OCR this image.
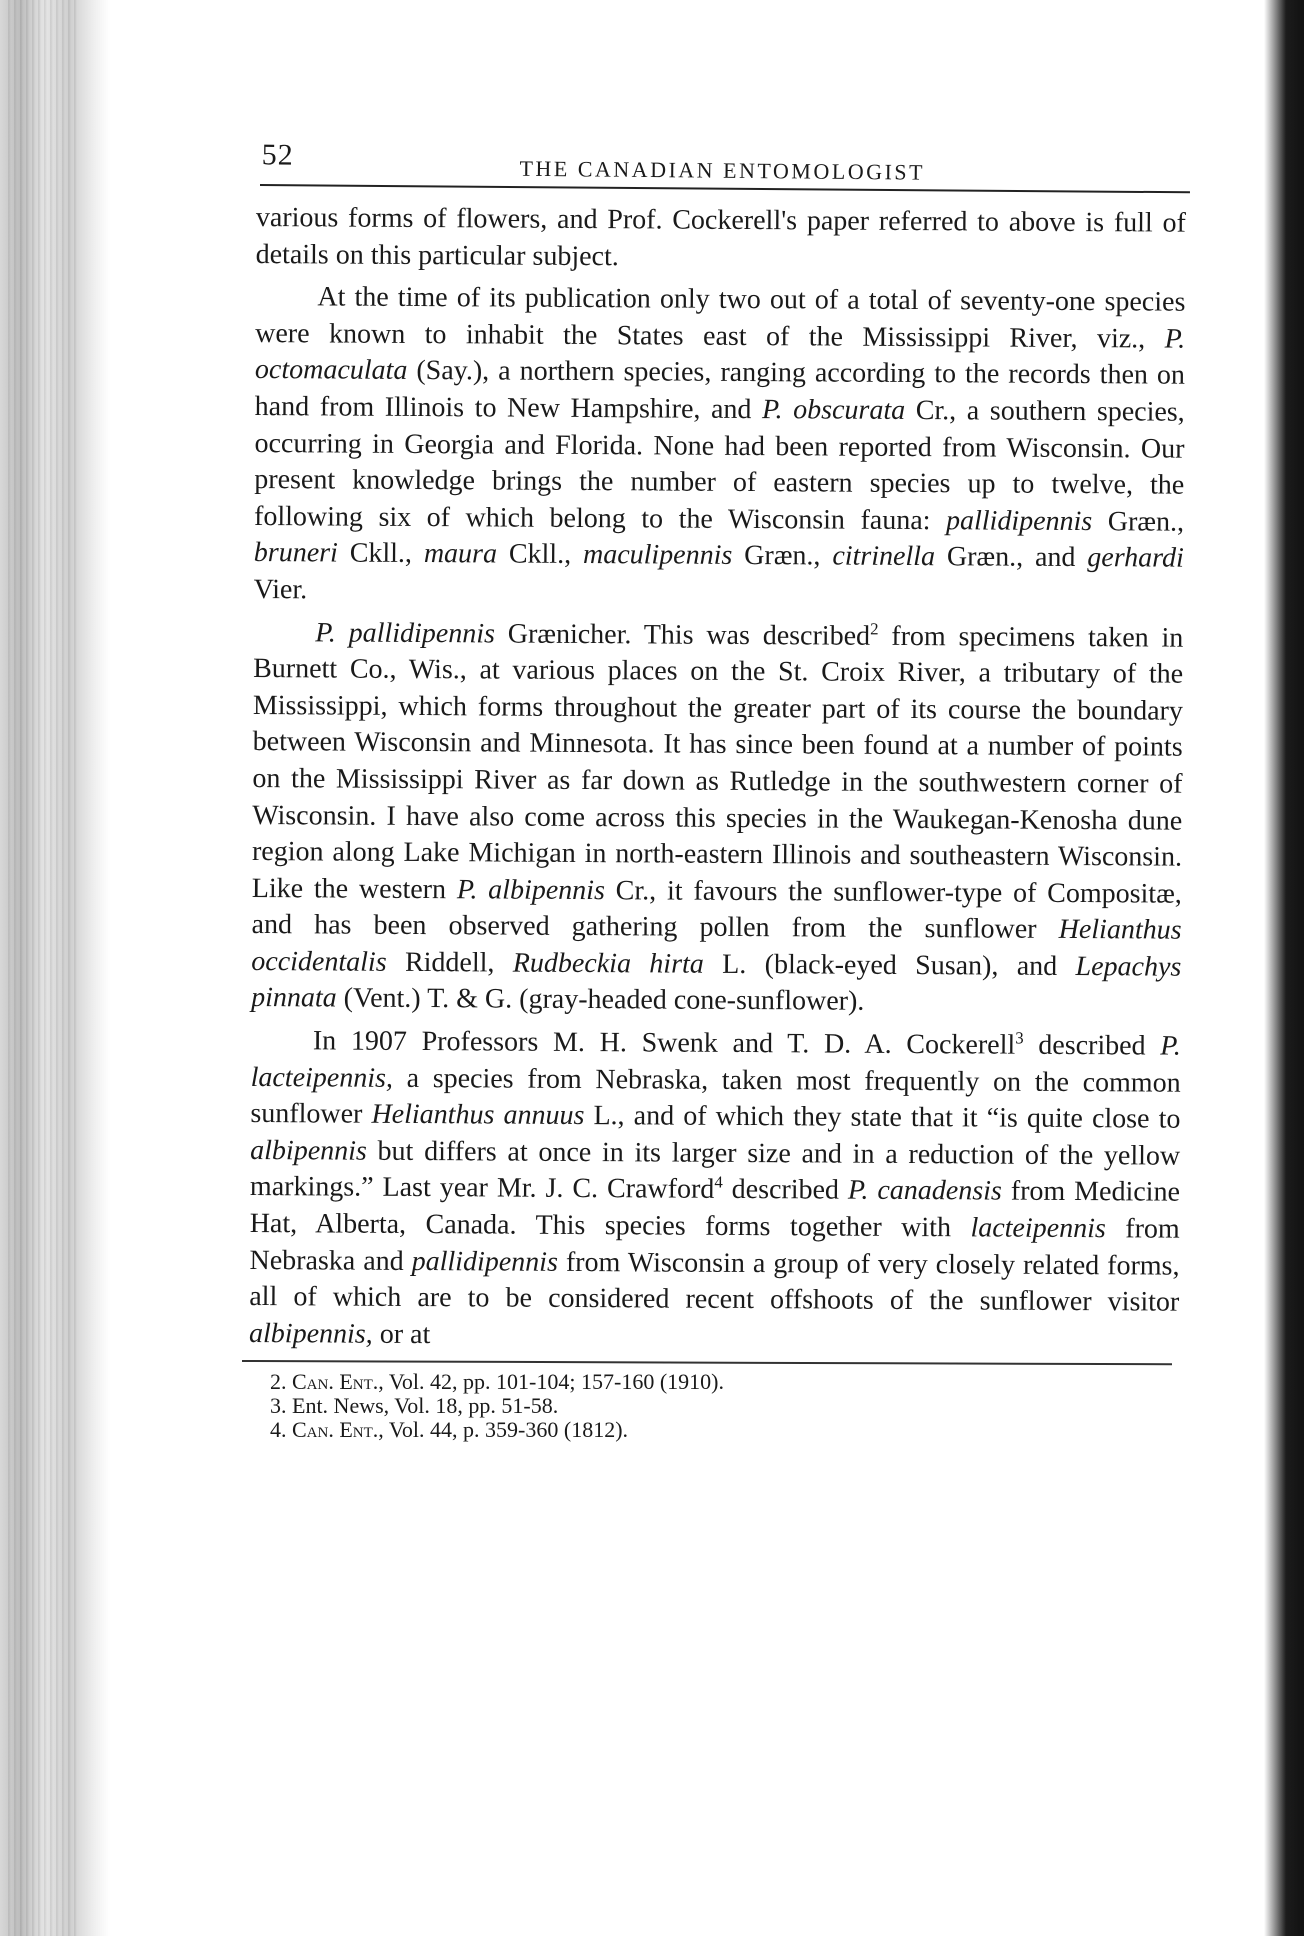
52	THE CANADIAN ENTOMOLOGIST

various forms of flowers, and Prof. Cockerell's paper referred to above is full of details on this particular subject.

At the time of its publication only two out of a total of seventy-one species were known to inhabit the States east of the Mississippi River, viz., P. octomaculata (Say.), a northern species, ranging according to the records then on hand from Illinois to New Hampshire, and P. obscurata Cr., a southern species, occurring in Georgia and Florida. None had been reported from Wisconsin. Our present knowledge brings the number of eastern species up to twelve, the following six of which belong to the Wisconsin fauna: pallidipennis Græn., bruneri Ckll., maura Ckll., maculipennis Græn., citrinella Græn., and gerhardi Vier.

P. pallidipennis Grænicher. This was described$^2$ from specimens taken in Burnett Co., Wis., at various places on the St. Croix River, a tributary of the Mississippi, which forms throughout the greater part of its course the boundary between Wisconsin and Minnesota. It has since been found at a number of points on the Mississippi River as far down as Rutledge in the southwestern corner of Wisconsin. I have also come across this species in the Waukegan-Kenosha dune region along Lake Michigan in north-eastern Illinois and southeastern Wisconsin. Like the western P. albipennis Cr., it favours the sunflower-type of Compositæ, and has been observed gathering pollen from the sunflower Helianthus occidentalis Riddell, Rudbeckia hirta L. (black-eyed Susan), and Lepachys pinnata (Vent.) T. & G. (gray-headed cone-sunflower).

In 1907 Professors M. H. Swenk and T. D. A. Cockerell$^3$ described P. lacteipennis, a species from Nebraska, taken most frequently on the common sunflower Helianthus annuus L., and of which they state that it “is quite close to albipennis but differs at once in its larger size and in a reduction of the yellow markings.” Last year Mr. J. C. Crawford$^4$ described P. canadensis from Medicine Hat, Alberta, Canada. This species forms together with lacteipennis from Nebraska and pallidipennis from Wisconsin a group of very closely related forms, all of which are to be considered recent offshoots of the sunflower visitor albipennis, or at

2. Can. Ent., Vol. 42, pp. 101-104; 157-160 (1910).
3. Ent. News, Vol. 18, pp. 51-58.
4. Can. Ent., Vol. 44, p. 359-360 (1812).
